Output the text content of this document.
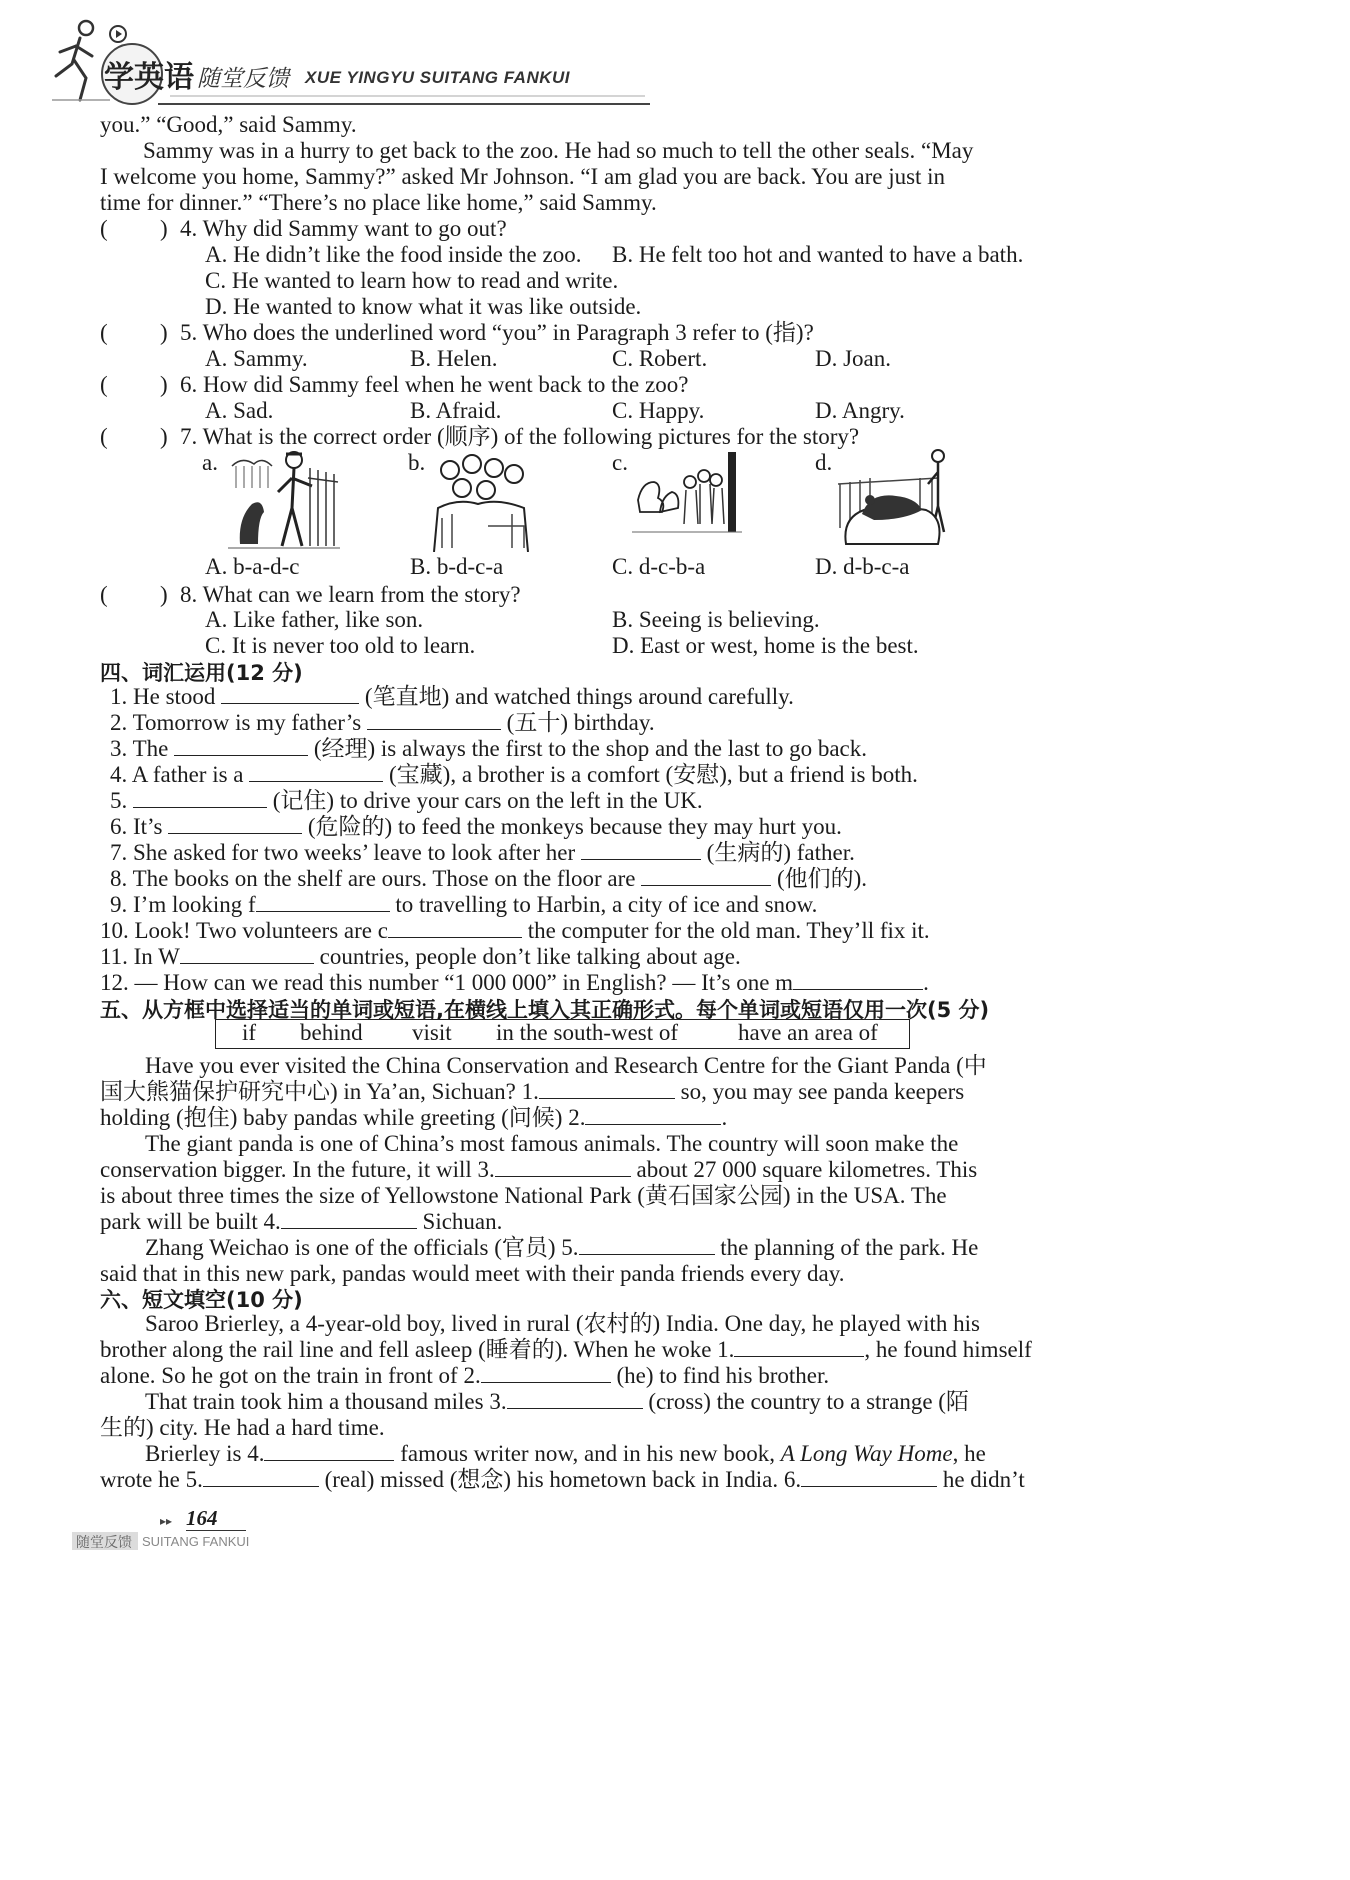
学英语 随堂反馈 XUE YINGYU SUITANG FANKUI
you.” “Good,” said Sammy.
Sammy was in a hurry to get back to the zoo. He had so much to tell the other seals. “May
I welcome you home, Sammy?” asked Mr Johnson. “I am glad you are back. You are just in
time for dinner.” “There’s no place like home,” said Sammy.
( ) 4. Why did Sammy want to go out?
A. He didn’t like the food inside the zoo. B. He felt too hot and wanted to have a bath.
C. He wanted to learn how to read and write.
D. He wanted to know what it was like outside.
( ) 5. Who does the underlined word “you” in Paragraph 3 refer to (指)?
A. Sammy.	B. Helen.	C. Robert.	D. Joan.
( ) 6. How did Sammy feel when he went back to the zoo?
A. Sad.	B. Afraid.	C. Happy.	D. Angry.
( ) 7. What is the correct order (顺序) of the following pictures for the story?
a.	b.	c.	d.
A. b-a-d-c	B. b-d-c-a	C. d-c-b-a	D. d-b-c-a
( ) 8. What can we learn from the story?
A. Like father, like son.	B. Seeing is believing.
C. It is never too old to learn.	D. East or west, home is the best.
四、词汇运用(12 分)
1. He stood	(笔直地) and watched things around carefully.
2. Tomorrow is my father’s	(五十) birthday.
3. The	(经理) is always the first to the shop and the last to go back.
4. A father is a	(宝藏), a brother is a comfort (安慰), but a friend is both.
5.	(记住) to drive your cars on the left in the UK.
6. It’s	(危险的) to feed the monkeys because they may hurt you.
7. She asked for two weeks’ leave to look after her	(生病的) father.
8. The books on the shelf are ours. Those on the floor are	(他们的).
9. I’m looking f	to travelling to Harbin, a city of ice and snow.
10. Look! Two volunteers are c	the computer for the old man. They’ll fix it.
11. In W	countries, people don’t like talking about age.
12. — How can we read this number “1 000 000” in English? — It’s one m	.
五、从方框中选择适当的单词或短语,在横线上填入其正确形式。每个单词或短语仅用一次(5 分)
if behind visit in the south-west of	have an area of
Have you ever visited the China Conservation and Research Centre for the Giant Panda (中
国大熊猫保护研究中心) in Ya’an, Sichuan? 1.	so, you may see panda keepers
holding (抱住) baby pandas while greeting (问候) 2.	.
The giant panda is one of China’s most famous animals. The country will soon make the
conservation bigger. In the future, it will 3.	about 27 000 square kilometres. This
is about three times the size of Yellowstone National Park (黄石国家公园) in the USA. The
park will be built 4.	Sichuan.
Zhang Weichao is one of the officials (官员) 5.	the planning of the park. He
said that in this new park, pandas would meet with their panda friends every day.
六、短文填空(10 分)
Saroo Brierley, a 4-year-old boy, lived in rural (农村的) India. One day, he played with his
brother along the rail line and fell asleep (睡着的). When he woke 1.	, he found himself
alone. So he got on the train in front of 2.	(he) to find his brother.
That train took him a thousand miles 3.	(cross) the country to a strange (陌
生的) city. He had a hard time.
Brierley is 4.	famous writer now, and in his new book, A Long Way Home, he
wrote he 5.	(real) missed (想念) his hometown back in India. 6.	he didn’t
▸▸ 164
随堂反馈 SUITANG FANKUI
